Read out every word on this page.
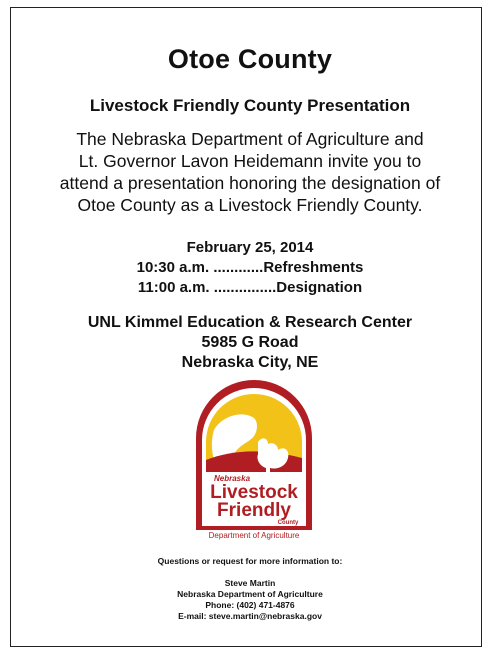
Otoe County
Livestock Friendly County Presentation
The Nebraska Department of Agriculture and
Lt. Governor Lavon Heidemann invite you to
attend a presentation honoring the designation of
Otoe County as a Livestock Friendly County.
February 25, 2014
10:30 a.m. ............Refreshments
11:00 a.m. ...............Designation
UNL Kimmel Education & Research Center
5985 G Road
Nebraska City, NE
Nebraska
Livestock
Friendly
County
Department of Agriculture
Questions or request for more information to:
Steve Martin
Nebraska Department of Agriculture
Phone: (402) 471-4876
E-mail: steve.martin@nebraska.gov
